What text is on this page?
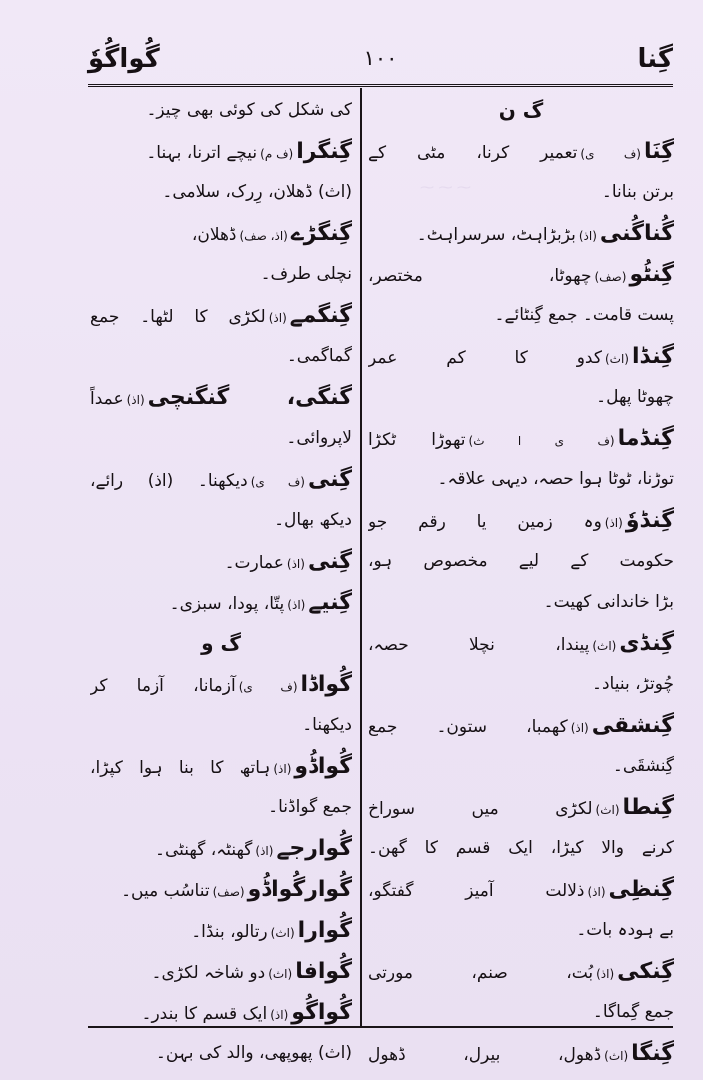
⁓ ⁓ ⁓
گُواگُوٗ	١٠٠	گِنا
گ ن
گِنَا(ف ی)تعمیر کرنا، مٹی کے
برتن بنانا۔
گُناگُنی(اذ)بڑبڑاہٹ، سرسراہٹ۔
گِنٹُو(صف)چھوٹا، مختصر،
پست قامت۔ جمع گِنٹائے۔
گِنڈا(اث)کدو کا کم عمر
چھوٹا پھل۔
گِنڈما(ف ی ا ث)تھوڑا ٹکڑا
توڑنا، ٹوٹا ہوا حصہ، دیہی علاقہ۔
گِنڈوٗ(اذ)وہ زمین یا رقم جو
حکومت کے لیے مخصوص ہو،
بڑا خاندانی کھیت۔
گِنڈی(اث)پیندا، نچلا حصہ،
چُوتڑ، بنیاد۔
گِنشقی(اذ)کھمبا، ستون۔ جمع
گِنشقَی۔
گِنطا(اث)لکڑی میں سوراخ
کرنے والا کیڑا، ایک قسم کا گھن۔
گِنظِی(اذ)ذلالت آمیز گفتگو،
بے ہودہ بات۔
گِنکی(اذ)بُت، صنم، مورتی
جمع گِماگا۔
گِنگا(اث)ڈھول، بیرل، ڈھول
کی شکل کی کوئی بھی چیز۔
گِنگرا(ف م)نیچے اترنا، بہنا۔
(اث) ڈھلان، رِرک، سلامی۔
گِنگڑے(اذ، صف)ڈھلان،
نچلی طرف۔
گِنگمے(اذ)لکڑی کا لٹھا۔ جمع
گماگمی۔
گنگی، گنگنچی(اذ)عمداً
لاپروائی۔
گِنی(ف ی)دیکھنا۔ (اذ) رائے،
دیکھ بھال۔
گِنی(اذ)عمارت۔
گِنیے(اذ)پتّا، پودا، سبزی۔
گ و
گُواڈا(ف ی)آزمانا، آزما کر
دیکھنا۔
گُواڈُو(اذ)ہاتھ کا بنا ہوا کپڑا،
جمع گواڈنا۔
گُوارجے(اذ)گھنٹہ، گھنٹی۔
گُوارگُواڈُو(صف)تناسُب میں۔
گُوارا(اث)رتالو، بنڈا۔
گُوافا(اث)دو شاخہ لکڑی۔
گُواگُو(اذ)ایک قسم کا بندر۔
(اث) پھوپھی، والد کی بہن۔
